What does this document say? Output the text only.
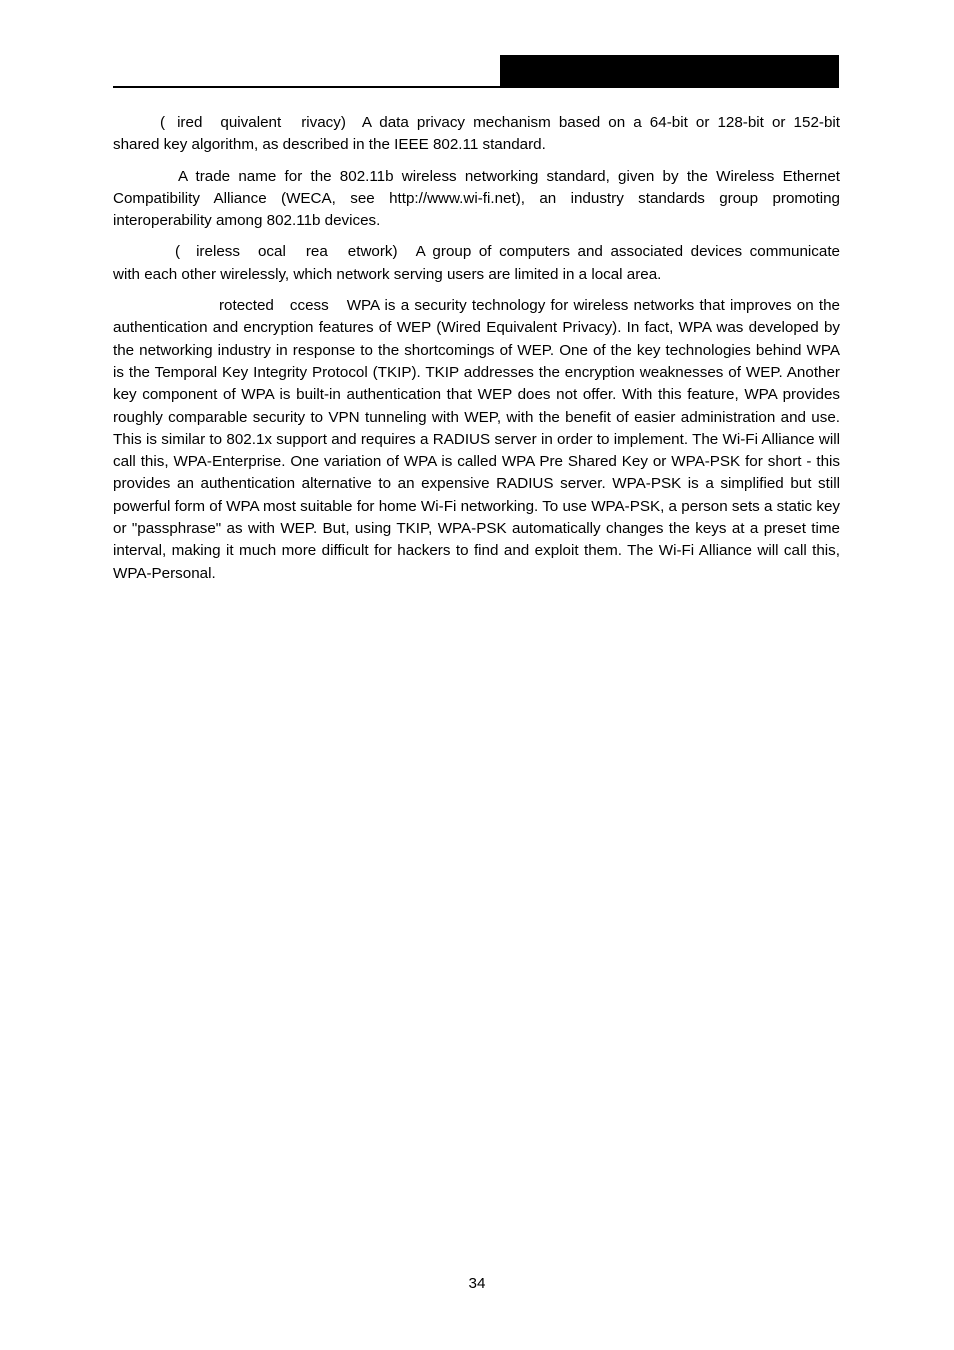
( ired quivalent rivacy) A data privacy mechanism based on a 64-bit or 128-bit or 152-bit shared key algorithm, as described in the IEEE 802.11 standard.

A trade name for the 802.11b wireless networking standard, given by the Wireless Ethernet Compatibility Alliance (WECA, see http://www.wi-fi.net), an industry standards group promoting interoperability among 802.11b devices.

( ireless ocal rea etwork) A group of computers and associated devices communicate with each other wirelessly, which network serving users are limited in a local area.

rotected ccess WPA is a security technology for wireless networks that improves on the authentication and encryption features of WEP (Wired Equivalent Privacy). In fact, WPA was developed by the networking industry in response to the shortcomings of WEP. One of the key technologies behind WPA is the Temporal Key Integrity Protocol (TKIP). TKIP addresses the encryption weaknesses of WEP. Another key component of WPA is built-in authentication that WEP does not offer. With this feature, WPA provides roughly comparable security to VPN tunneling with WEP, with the benefit of easier administration and use. This is similar to 802.1x support and requires a RADIUS server in order to implement. The Wi-Fi Alliance will call this, WPA-Enterprise. One variation of WPA is called WPA Pre Shared Key or WPA-PSK for short - this provides an authentication alternative to an expensive RADIUS server. WPA-PSK is a simplified but still powerful form of WPA most suitable for home Wi-Fi networking. To use WPA-PSK, a person sets a static key or "passphrase" as with WEP. But, using TKIP, WPA-PSK automatically changes the keys at a preset time interval, making it much more difficult for hackers to find and exploit them. The Wi-Fi Alliance will call this, WPA-Personal.

34
